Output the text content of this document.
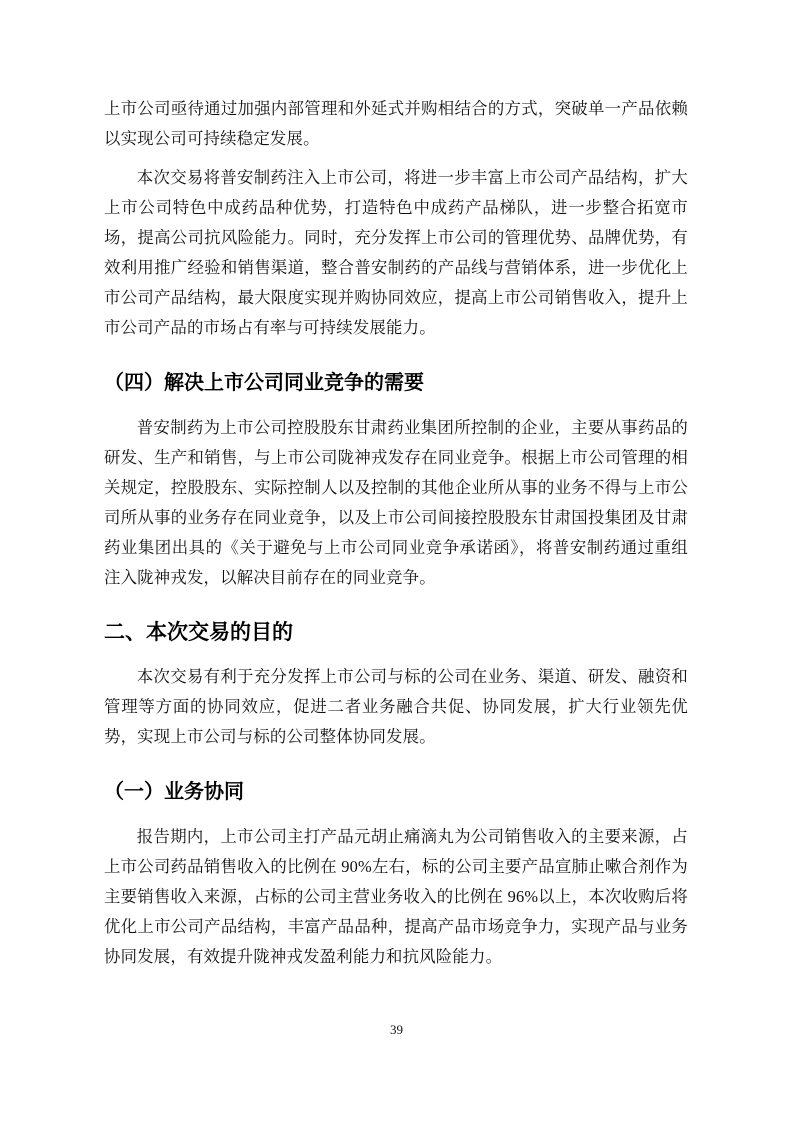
上市公司亟待通过加强内部管理和外延式并购相结合的方式，突破单一产品依赖以实现公司可持续稳定发展。

本次交易将普安制药注入上市公司，将进一步丰富上市公司产品结构，扩大上市公司特色中成药品种优势，打造特色中成药产品梯队，进一步整合拓宽市场，提高公司抗风险能力。同时，充分发挥上市公司的管理优势、品牌优势，有效利用推广经验和销售渠道，整合普安制药的产品线与营销体系，进一步优化上市公司产品结构，最大限度实现并购协同效应，提高上市公司销售收入，提升上市公司产品的市场占有率与可持续发展能力。

（四）解决上市公司同业竞争的需要

普安制药为上市公司控股股东甘肃药业集团所控制的企业，主要从事药品的研发、生产和销售，与上市公司陇神戎发存在同业竞争。根据上市公司管理的相关规定，控股股东、实际控制人以及控制的其他企业所从事的业务不得与上市公司所从事的业务存在同业竞争，以及上市公司间接控股股东甘肃国投集团及甘肃药业集团出具的《关于避免与上市公司同业竞争承诺函》，将普安制药通过重组注入陇神戎发，以解决目前存在的同业竞争。

二、本次交易的目的

本次交易有利于充分发挥上市公司与标的公司在业务、渠道、研发、融资和管理等方面的协同效应，促进二者业务融合共促、协同发展，扩大行业领先优势，实现上市公司与标的公司整体协同发展。

（一）业务协同

报告期内，上市公司主打产品元胡止痛滴丸为公司销售收入的主要来源，占上市公司药品销售收入的比例在 90%左右，标的公司主要产品宣肺止嗽合剂作为主要销售收入来源，占标的公司主营业务收入的比例在 96%以上，本次收购后将优化上市公司产品结构，丰富产品品种，提高产品市场竞争力，实现产品与业务协同发展，有效提升陇神戎发盈利能力和抗风险能力。

39
